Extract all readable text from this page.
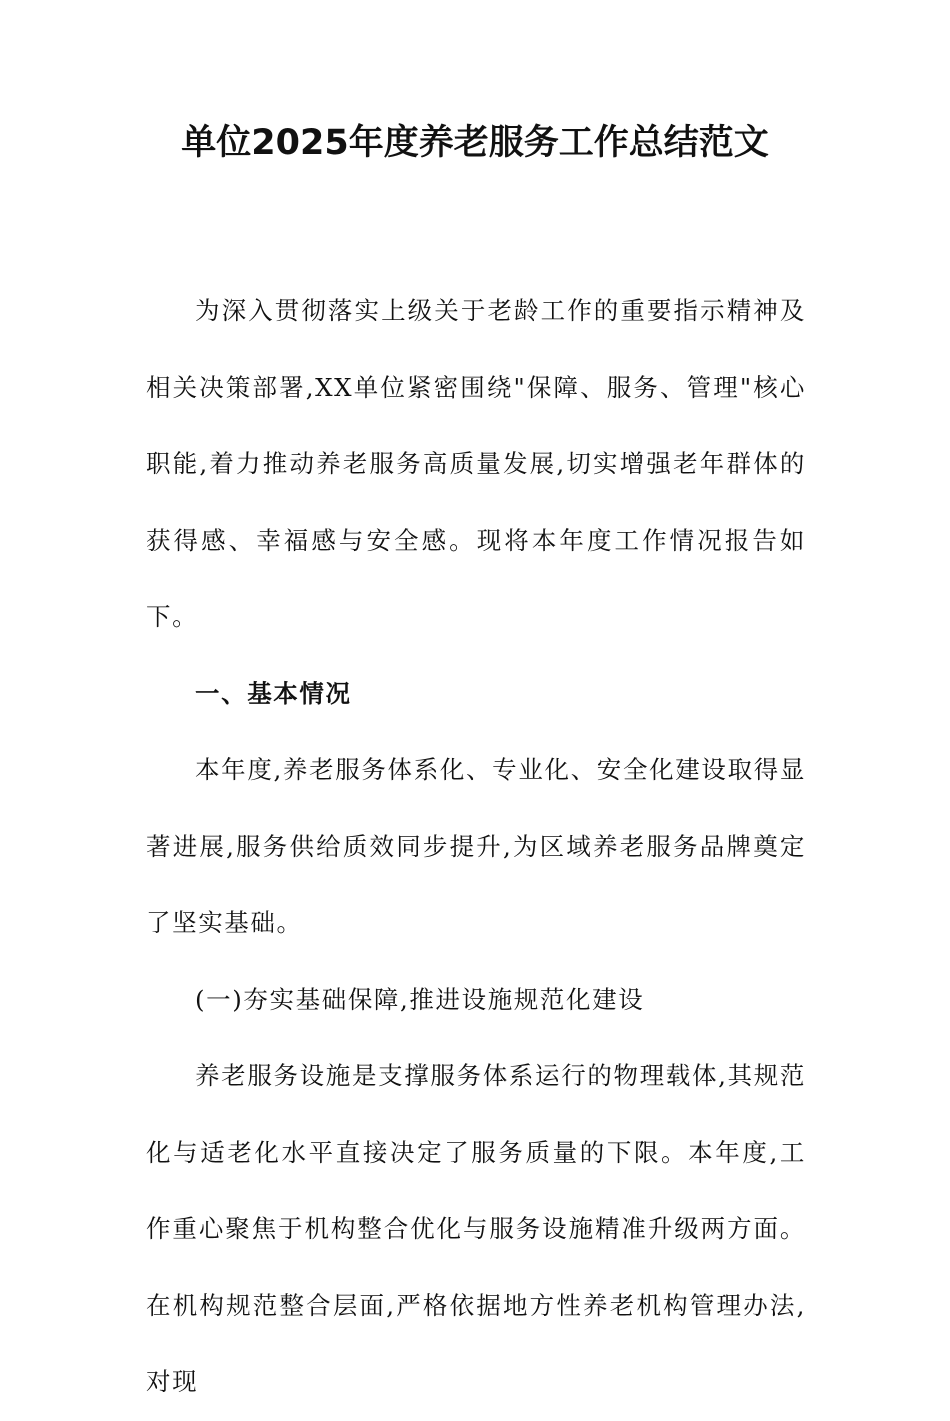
单位2025年度养老服务工作总结范文

为深入贯彻落实上级关于老龄工作的重要指示精神及相关决策部署,XX单位紧密围绕"保障、服务、管理"核心职能,着力推动养老服务高质量发展,切实增强老年群体的获得感、幸福感与安全感。现将本年度工作情况报告如下。

一、基本情况

本年度,养老服务体系化、专业化、安全化建设取得显著进展,服务供给质效同步提升,为区域养老服务品牌奠定了坚实基础。

(一)夯实基础保障,推进设施规范化建设

养老服务设施是支撑服务体系运行的物理载体,其规范化与适老化水平直接决定了服务质量的下限。本年度,工作重心聚焦于机构整合优化与服务设施精准升级两方面。在机构规范整合层面,严格依据地方性养老机构管理办法,对现
